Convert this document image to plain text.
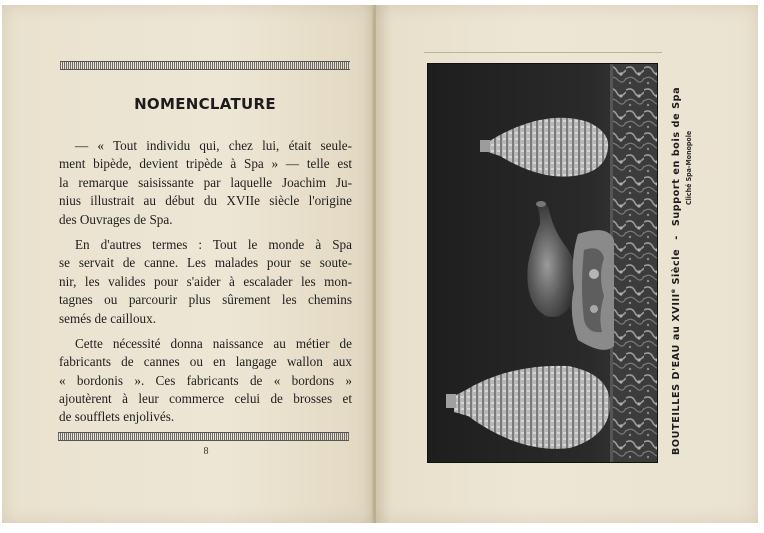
NOMENCLATURE
— « Tout individu qui, chez lui, était seule-
ment bipède, devient tripède à Spa » — telle est
la remarque saisissante par laquelle Joachim Ju-
nius illustrait au début du XVIIe siècle l'origine
des Ouvrages de Spa.
En d'autres termes : Tout le monde à Spa
se servait de canne. Les malades pour se soute-
nir, les valides pour s'aider à escalader les mon-
tagnes ou parcourir plus sûrement les chemins
semés de cailloux.
Cette nécessité donna naissance au métier de
fabricants de cannes ou en langage wallon aux
« bordonis ». Ces fabricants de « bordons »
ajoutèrent à leur commerce celui de brosses et
de soufflets enjolivés.
8	BOUTEILLES D'EAU au XVIIIe Siècle-Support en bois de Spa Cliché Spa-Monopole
